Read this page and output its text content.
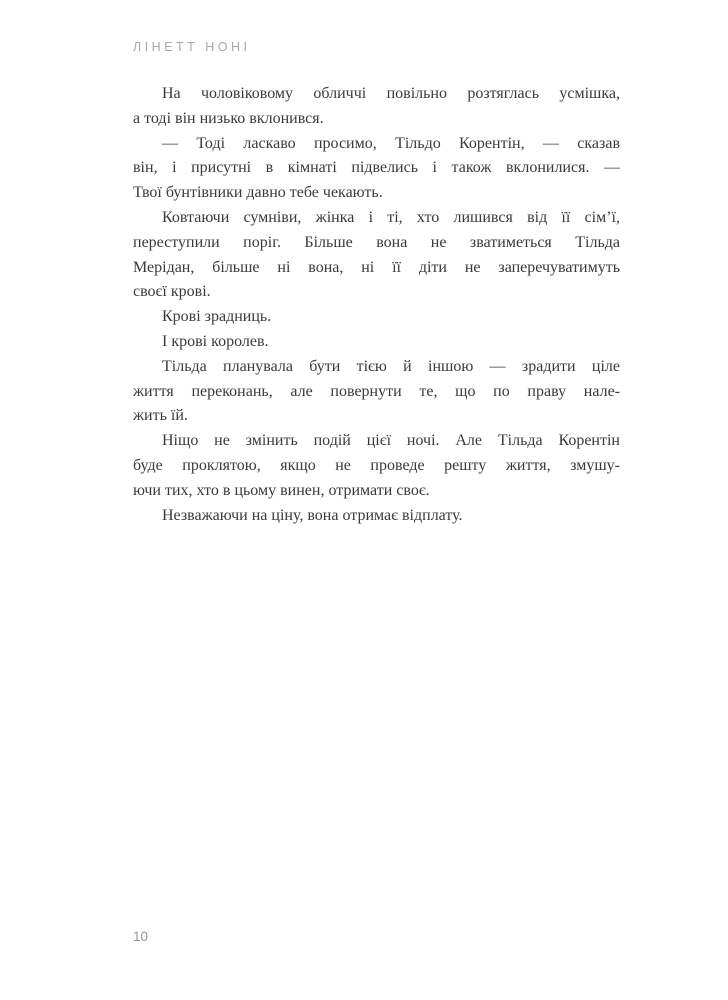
ЛІНЕТТ НОНІ

На чоловіковому обличчі повільно розтяглась усмішка,
а тоді він низько вклонився.

— Тоді ласкаво просимо, Тільдо Корентін, — сказав
він, і присутні в кімнаті підвелись і також вклонилися. —
Твої бунтівники давно тебе чекають.

Ковтаючи сумніви, жінка і ті, хто лишився від її сім’ї,
переступили поріг. Більше вона не зватиметься Тільда
Мерідан, більше ні вона, ні її діти не заперечуватимуть
своєї крові.

Крові зрадниць.

І крові королев.

Тільда планувала бути тією й іншою — зрадити ціле
життя переконань, але повернути те, що по праву нале-
жить їй.

Ніщо не змінить подій цієї ночі. Але Тільда Корентін
буде проклятою, якщо не проведе решту життя, змушу-
ючи тих, хто в цьому винен, отримати своє.

Незважаючи на ціну, вона отримає відплату.

10
